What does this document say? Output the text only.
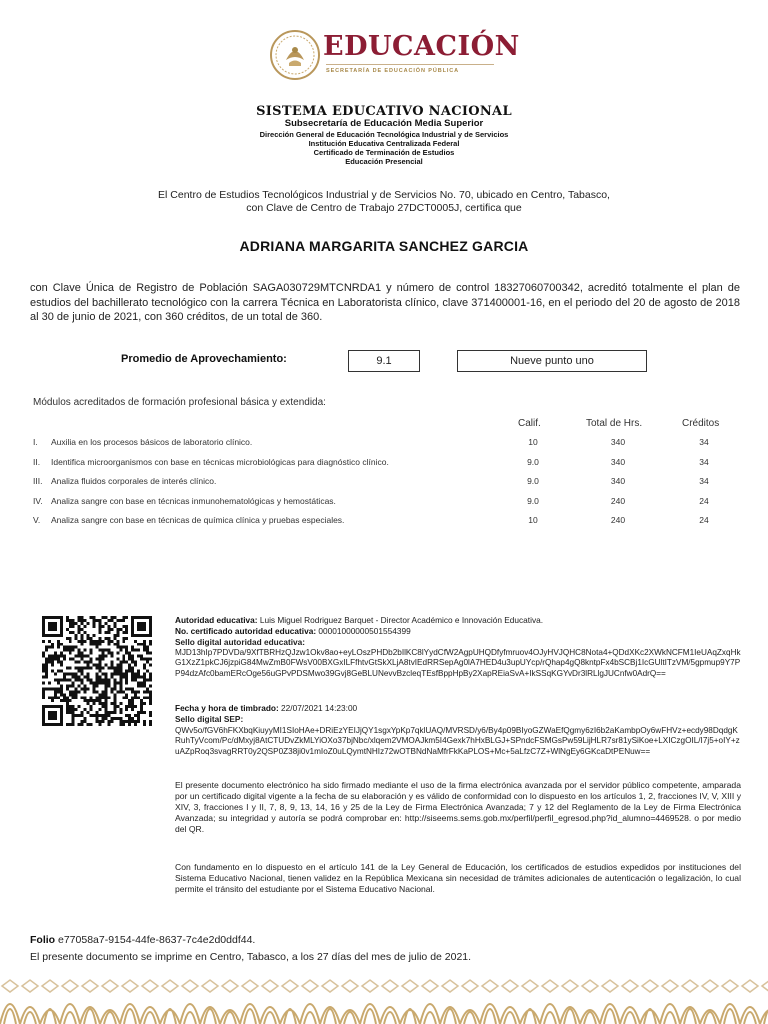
EDUCACIÓN
SECRETARÍA DE EDUCACIÓN PÚBLICA
SISTEMA EDUCATIVO NACIONAL
Subsecretaría de Educación Media Superior
Dirección General de Educación Tecnológica Industrial y de Servicios
Institución Educativa Centralizada Federal
Certificado de Terminación de Estudios
Educación Presencial
El Centro de Estudios Tecnológicos Industrial y de Servicios No. 70, ubicado en Centro, Tabasco,
con Clave de Centro de Trabajo 27DCT0005J, certifica que
ADRIANA MARGARITA SANCHEZ GARCIA
con Clave Única de Registro de Población SAGA030729MTCNRDA1 y número de control 18327060700342, acreditó totalmente el plan de estudios del bachillerato tecnológico con la carrera Técnica en Laboratorista clínico, clave 371400001-16, en el periodo del 20 de agosto de 2018 al 30 de junio de 2021, con 360 créditos, de un total de 360.
Promedio de Aprovechamiento:	9.1	Nueve punto uno
Módulos acreditados de formación profesional básica y extendida:
Calif.	Total de Hrs.	Créditos
I.	Auxilia en los procesos básicos de laboratorio clínico.	10	340	34
II.	Identifica microorganismos con base en técnicas microbiológicas para diagnóstico clínico.	9.0	340	34
III.	Analiza fluidos corporales de interés clínico.	9.0	340	34
IV. Analiza sangre con base en técnicas inmunohematológicas y hemostáticas.	9.0	240	24
V.	Analiza sangre con base en técnicas de química clínica y pruebas especiales.	10	240	24
Autoridad educativa: Luis Miguel Rodriguez Barquet - Director Académico e Innovación Educativa.
No. certificado autoridad educativa: 00001000000501554399
Sello digital autoridad educativa:
MJD13hIp7PDVDa/9XfTBRHzQJzw1Okv8ao+eyLOszPHDb2bIlKC8lYydCfW2AgpUHQDfyfmruov4OJyHVJQHC8Nota4+QDdXKc2XWkNCFM1IeUAqZxqHkG1XzZ1pkCJ6jzpiG84MwZmB0FWsV00BXGxILFfhtvGtSkXLjA8tvIEdRRSepAg0lA7HED4u3upUYcp/rQhap4gQ8kntpFx4bSCBj1IcGUltITzVM/5gpmup9Y7PP94dzAfc0bamERcOge56uGPvPDSMwo39Gvj8GeBLUNevvBzcleqTEsfBppHpBy2XapREiaSvA+IkSSqKGYvDr3lRLlgJUCnfw0AdrQ==
Fecha y hora de timbrado: 22/07/2021 14:23:00
Sello digital SEP:
QWv5o/fGV6hFKXbqKiuyyMI1SIoHAe+DRiEzYEIJjQY1sgxYpKp7qklUAQ/MVRSD/y6/By4p09BIyoGZWaEfQgmy6zI6b2aKambpOy6wFHVz+ecdy98DqdgKRuhTyVcom/Pc/dMxyj8AtCTUDvZkMLYiOXo37bjNbc/xlqem2VMOAJkm5I4Gexk7hHxBLGJ+SPndcFSMGsPw59LijHLR7sr81ySiKoe+LXICzgOIL/I7j5+oIY+zuAZpRoq3svagRRT0y2QSP0Z38ji0v1mIoZ0uLQymtNHIz72wOTBNdNaMfrFkKaPLOS+Mc+5aLfzC7Z+WlNgEy6GKcaDtPENuw==
El presente documento electrónico ha sido firmado mediante el uso de la firma electrónica avanzada por el servidor público competente, amparada por un certificado digital vigente a la fecha de su elaboración y es válido de conformidad con lo dispuesto en los artículos 1, 2, fracciones IV, V, XIII y XIV, 3, fracciones I y II, 7, 8, 9, 13, 14, 16 y 25 de la Ley de Firma Electrónica Avanzada; 7 y 12 del Reglamento de la Ley de Firma Electrónica Avanzada; su integridad y autoría se podrá comprobar en: http://siseems.sems.gob.mx/perfil/perfil_egresod.php?id_alumno=4469528. o por medio del QR.
Con fundamento en lo dispuesto en el artículo 141 de la Ley General de Educación, los certificados de estudios expedidos por instituciones del Sistema Educativo Nacional, tienen validez en la República Mexicana sin necesidad de trámites adicionales de autenticación o legalización, lo cual permite el tránsito del estudiante por el Sistema Educativo Nacional.
Folio e77058a7-9154-44fe-8637-7c4e2d0ddf44.
El presente documento se imprime en Centro, Tabasco, a los 27 días del mes de julio de 2021.
